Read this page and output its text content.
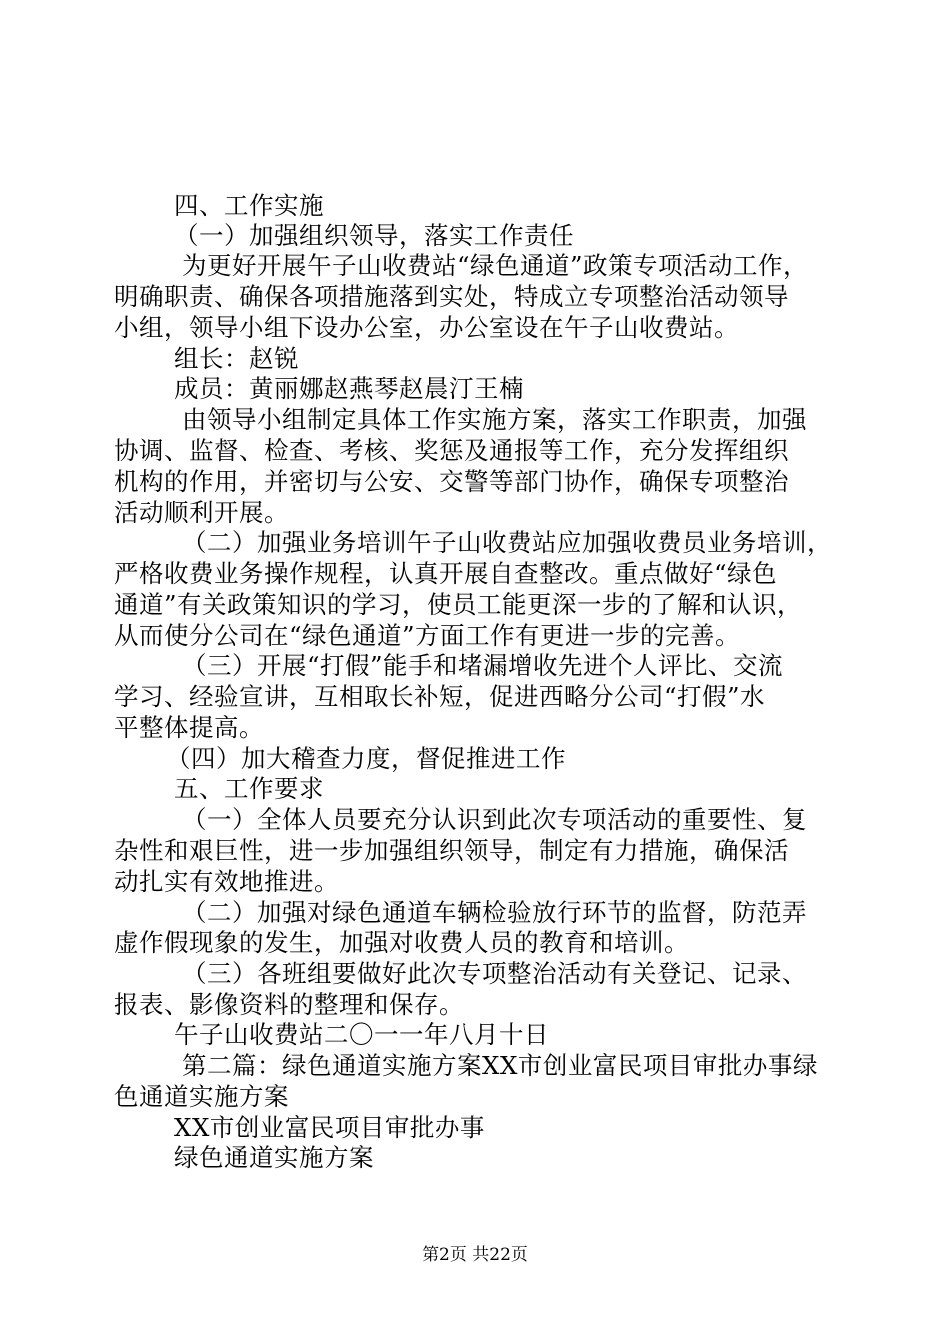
四、工作实施
（一）加强组织领导，落实工作责任
为更好开展午子山收费站“绿色通道”政策专项活动工作，
明确职责、确保各项措施落到实处，特成立专项整治活动领导
小组，领导小组下设办公室，办公室设在午子山收费站。
组长：赵锐
成员：黄丽娜赵燕琴赵晨汀王楠
由领导小组制定具体工作实施方案，落实工作职责，加强
协调、监督、检查、考核、奖惩及通报等工作，充分发挥组织
机构的作用，并密切与公安、交警等部门协作，确保专项整治
活动顺利开展。
（二）加强业务培训午子山收费站应加强收费员业务培训，
严格收费业务操作规程，认真开展自查整改。重点做好“绿色
通道”有关政策知识的学习，使员工能更深一步的了解和认识，
从而使分公司在“绿色通道”方面工作有更进一步的完善。
（三）开展“打假”能手和堵漏增收先进个人评比、交流
学习、经验宣讲，互相取长补短，促进西略分公司“打假”水
平整体提高。
（四）加大稽查力度，督促推进工作
五、工作要求
（一）全体人员要充分认识到此次专项活动的重要性、复
杂性和艰巨性，进一步加强组织领导，制定有力措施，确保活
动扎实有效地推进。
（二）加强对绿色通道车辆检验放行环节的监督，防范弄
虚作假现象的发生，加强对收费人员的教育和培训。
（三）各班组要做好此次专项整治活动有关登记、记录、
报表、影像资料的整理和保存。
午子山收费站二〇一一年八月十日
第二篇：绿色通道实施方案XX市创业富民项目审批办事绿
色通道实施方案
XX市创业富民项目审批办事
绿色通道实施方案
第2页 共22页
